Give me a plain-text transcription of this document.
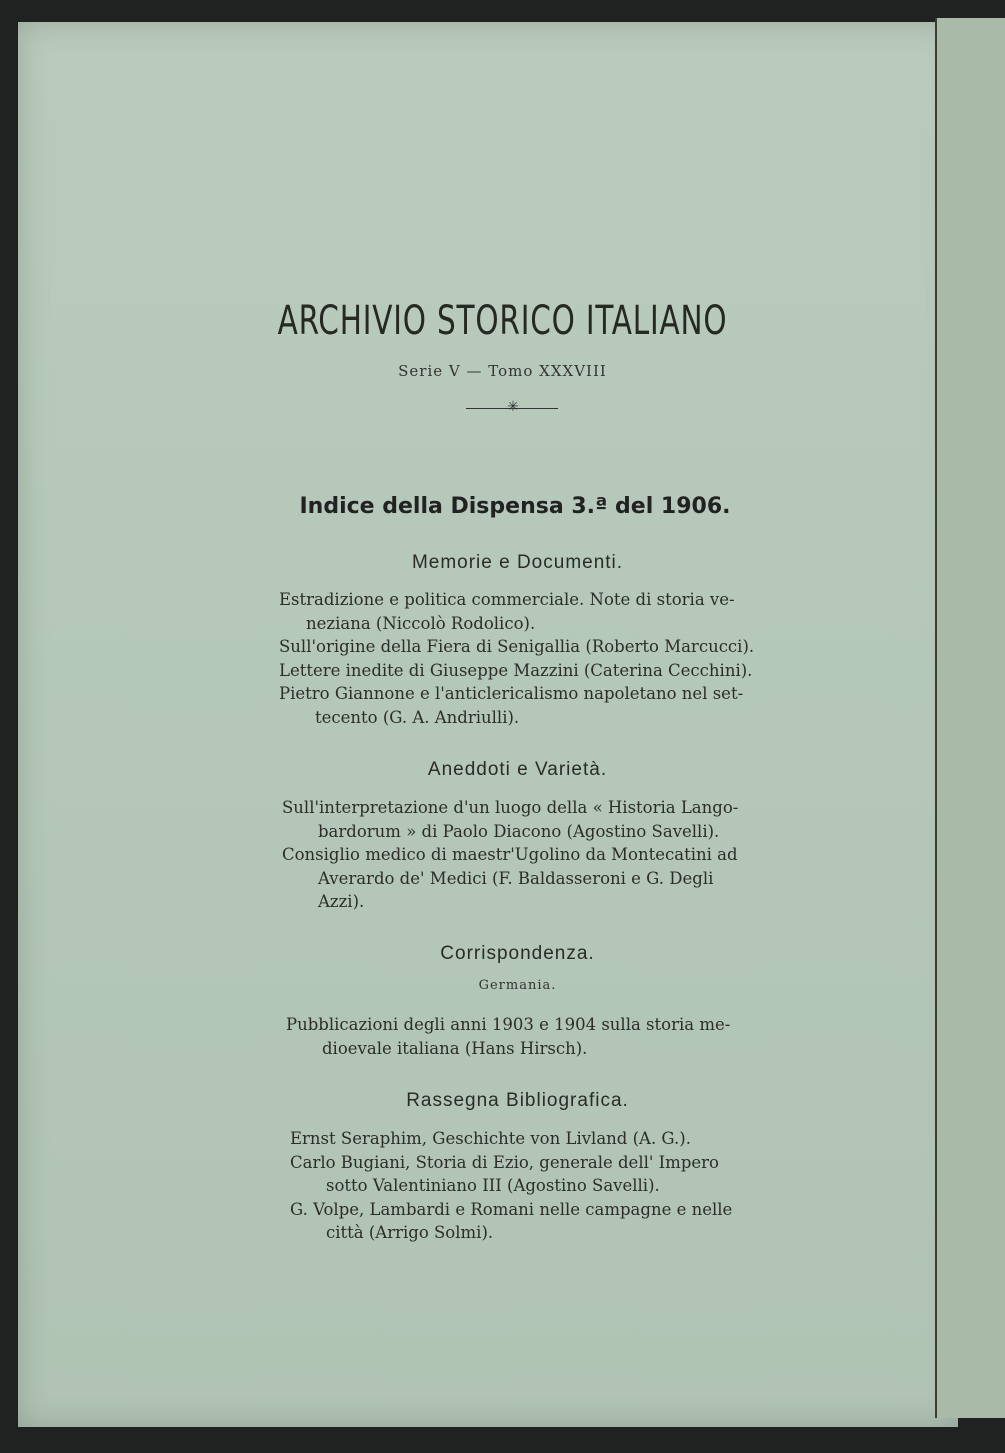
ARCHIVIO STORICO ITALIANO
Serie V — Tomo XXXVIII
✳
Indice della Dispensa 3.ª del 1906.
Memorie e Documenti.
Estradizione e politica commerciale. Note di storia ve-
neziana (Niccolò Rodolico).
Sull'origine della Fiera di Senigallia (Roberto Marcucci).
Lettere inedite di Giuseppe Mazzini (Caterina Cecchini).
Pietro Giannone e l'anticlericalismo napoletano nel set-
tecento (G. A. Andriulli).
Aneddoti e Varietà.
Sull'interpretazione d'un luogo della « Historia Lango-
bardorum » di Paolo Diacono (Agostino Savelli).
Consiglio medico di maestr'Ugolino da Montecatini ad
Averardo de' Medici (F. Baldasseroni e G. Degli
Azzi).
Corrispondenza.
Germania.
Pubblicazioni degli anni 1903 e 1904 sulla storia me-
dioevale italiana (Hans Hirsch).
Rassegna Bibliografica.
Ernst Seraphim, Geschichte von Livland (A. G.).
Carlo Bugiani, Storia di Ezio, generale dell' Impero
sotto Valentiniano III (Agostino Savelli).
G. Volpe, Lambardi e Romani nelle campagne e nelle
città (Arrigo Solmi).
